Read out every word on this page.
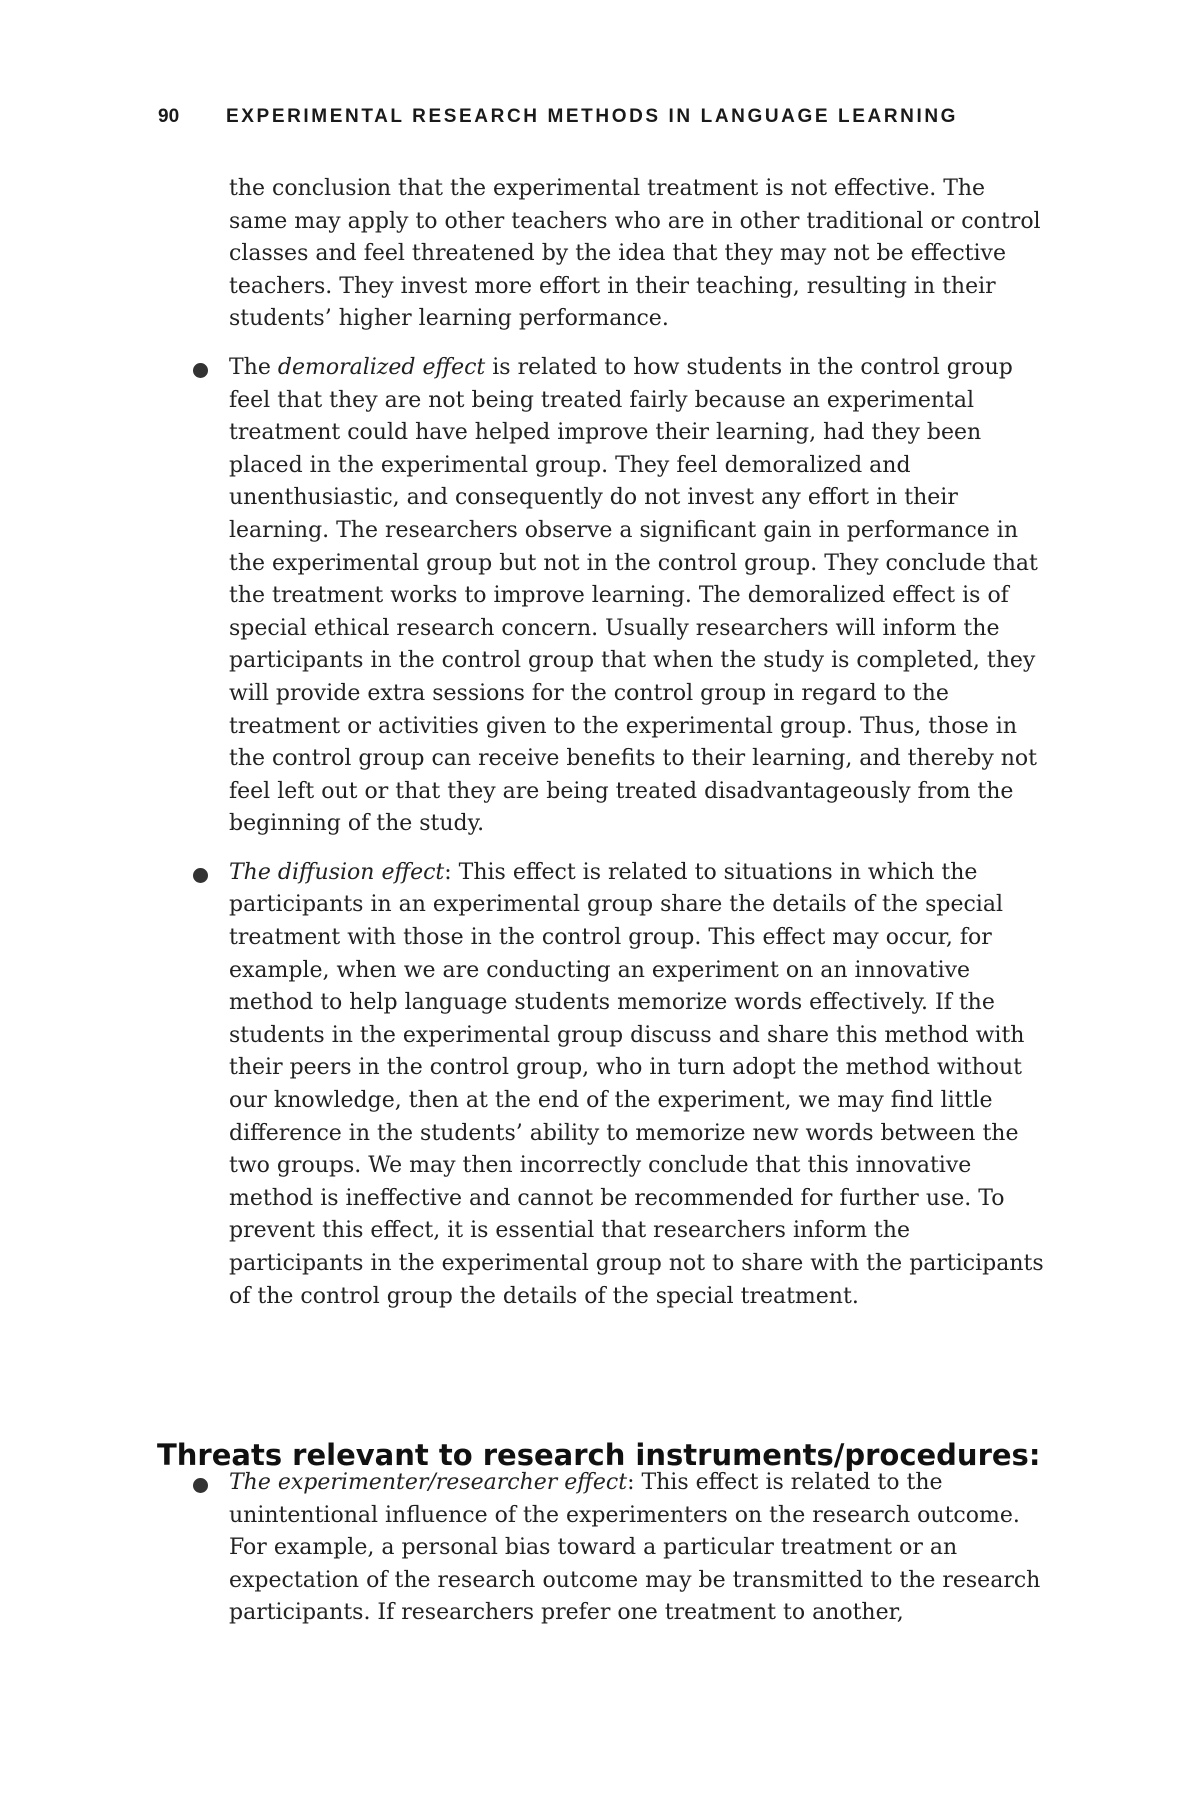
90 EXPERIMENTAL RESEARCH METHODS IN LANGUAGE LEARNING

the conclusion that the experimental treatment is not effective. The same may apply to other teachers who are in other traditional or control classes and feel threatened by the idea that they may not be effective teachers. They invest more effort in their teaching, resulting in their students’ higher learning performance.

The demoralized effect is related to how students in the control group feel that they are not being treated fairly because an experimental treatment could have helped improve their learning, had they been placed in the experimental group. They feel demoralized and unenthusiastic, and consequently do not invest any effort in their learning. The researchers observe a significant gain in performance in the experimental group but not in the control group. They conclude that the treatment works to improve learning. The demoralized effect is of special ethical research concern. Usually researchers will inform the participants in the control group that when the study is completed, they will provide extra sessions for the control group in regard to the treatment or activities given to the experimental group. Thus, those in the control group can receive benefits to their learning, and thereby not feel left out or that they are being treated disadvantageously from the beginning of the study.

The diffusion effect: This effect is related to situations in which the participants in an experimental group share the details of the special treatment with those in the control group. This effect may occur, for example, when we are conducting an experiment on an innovative method to help language students memorize words effectively. If the students in the experimental group discuss and share this method with their peers in the control group, who in turn adopt the method without our knowledge, then at the end of the experiment, we may find little difference in the students’ ability to memorize new words between the two groups. We may then incorrectly conclude that this innovative method is ineffective and cannot be recommended for further use. To prevent this effect, it is essential that researchers inform the participants in the experimental group not to share with the participants of the control group the details of the special treatment.

Threats relevant to research instruments/procedures:

The experimenter/researcher effect: This effect is related to the unintentional influence of the experimenters on the research outcome. For example, a personal bias toward a particular treatment or an expectation of the research outcome may be transmitted to the research participants. If researchers prefer one treatment to another,
